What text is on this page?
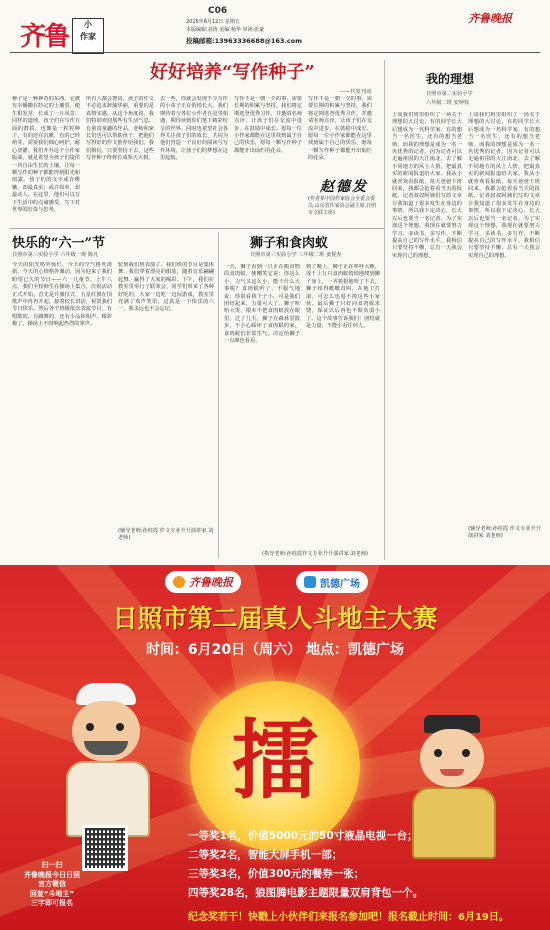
齐鲁	小
作家
C06
2015年6月12日 星期五
本版编辑:刘涛 美编:杨华 审读:张豪
投稿邮箱:13963336688@163.com
齐鲁晚报
好好培养“写作种子”
——代发刊词
种子是一种神奇的东西。它被有幸播撒在特定的土壤里，便生根发芽，长成了一片风景。同样的道理，孩子们在写作方面的潜质，也像是一粒粒种子，有的还在沉睡，有的已经萌芽，需要我们细心呵护，耐心浇灌。我们开办这个小作家版面，就是希望为孩子们提供一块自由生长的土壤，让每一颗写作的种子都能得到阳光和雨露。孩子们的文字或许稚嫩，却最真实；或许简单，却最动人。在这里，他们可以写下生活中的点滴感受，写下对世界的好奇与思考。
所有人都会赞同，孩子的作文不必追求辞藻华丽，重要的是真情实感。从这个角度说，我们特别欢迎那些有生活气息、有童真童趣的作品。老师和家长们也可以帮助孩子，把他们写得好的作文推荐给我们。我们相信，只要坚持下去，这些写作种子终将长成参天大树。
去一些，你就会发现不少写作的小苗子正在悄悄长大。我们期待着与各位小作者在这里相遇，期待读到你们笔下精彩纷呈的世界。同时也希望社会各界关注孩子们的成长，共同为他们营造一个良好的阅读与写作环境，让孩子们的梦想在这里起航。
写作不是一朝一夕的事，需要长期的积累与坚持。我们将定期选登优秀习作，并邀请名师点评，让孩子们在交流中进步，在鼓励中成长。愿每一位小作家都能在这里找到属于自己的快乐，愿每一颗写作种子都能开出灿烂的花朵。
写作不是一朝一夕的事，需要长期的积累与坚持。我们将定期选登优秀习作，并邀请名师点评，让孩子们在交流中进步，在鼓励中成长。愿每一位小作家都能在这里找到属于自己的快乐，愿每一颗写作种子都能开出灿烂的花朵。
赵德发
(作者系中国作家协会全委会委员,山东省作家协会副主席,日照市文联主席)
我的理想
日照市第二实验小学
六年级二班 安钟钦
上周我们班里组织了一场关于理想的大讨论。有的同学长大后想成为一名科学家，有的想当一名医生，还有的想当老师。而我的理想是成为一名一名优秀的记者。因为记者可以走遍祖国的大江南北，去了解不同地方的风土人情，把最真实的新闻报道给大家。我从小就喜欢看报纸，每天爸爸下班回来，我都会抢着看当天的报纸。记者叔叔阿姨们写的文章让我知道了很多发生在身边的事情。所以我下定决心，长大以后也要当一名记者。为了实现这个理想，我现在就要努力学习，多读书，多写作，不断提高自己的写作水平。我相信只要坚持不懈，总有一天我会实现自己的理想。
上周我们班里组织了一场关于理想的大讨论。有的同学长大后想成为一名科学家，有的想当一名医生，还有的想当老师。而我的理想是成为一名一名优秀的记者。因为记者可以走遍祖国的大江南北，去了解不同地方的风土人情，把最真实的新闻报道给大家。我从小就喜欢看报纸，每天爸爸下班回来，我都会抢着看当天的报纸。记者叔叔阿姨们写的文章让我知道了很多发生在身边的事情。所以我下定决心，长大以后也要当一名记者。为了实现这个理想，我现在就要努力学习，多读书，多写作，不断提高自己的写作水平。我相信只要坚持不懈，总有一天我会实现自己的理想。
(辅导老师:孙桂霞 作文专业升升演讲家 刘老师)
快乐的“六一”节
日照市第三实验小学 六年级一班 陈凡
今天的阳光格外灿烂，今天的空气格外清新，今天的心情格外激动，因为迎来了我们盼望已久的节日——六一儿童节。上午八点，我们全校师生在操场上集合，庆祝活动正式开始。首先是升旗仪式，五星红旗在国歌声中冉冉升起。接着校长讲话，祝贺我们节日快乐。然后各个班级依次表演节目，有唱歌的，有跳舞的，还有小品和相声，精彩极了，操场上不时响起热烈的掌声。
轮到我们班表演了，我们班的节目是集体舞。我们穿着漂亮的服装，随着音乐翩翩起舞，赢得了大家的喝彩。下午，我们在教室里举行了联欢会，同学们带来了各种好吃的，大家一边吃一边玩游戏，教室里充满了欢声笑语。这真是一个快乐的六一，我永远也不会忘记。
(辅导老师:孙桂霞 作文专业升升演讲家 刘老师)
狮子和食肉蚁
日照市第三实验小学 三年级二班 姜悦杰
一天，狮子看到一只正在搬食物的食肉蚁，便嘲笑它说：你这么小，力气又这么小，能干什么大事呢？食肉蚁听了，不服气地说：你别看我个子小，可是我们团结起来，力量可大了。狮子哈哈大笑，根本不把食肉蚁放在眼里。过了几天，狮子在森林里散步，不小心踩坏了食肉蚁的家。食肉蚁们非常生气，决定给狮子一点颜色看看。
到了晚上，狮子正在呼呼大睡，成千上万只食肉蚁悄悄地爬到狮子身上，一齐狠狠地咬了下去。狮子疼得嗷嗷直叫，在地上打滚，可怎么也甩不掉这些小家伙。最后狮子只好向食肉蚁求饶，保证以后再也不欺负弱小了。这个故事告诉我们：团结就是力量，不能小看任何人。
(指导老师:孙桂霞作文专业升升演讲家 刘老师)
齐鲁晚报	凯德广场
日照市第二届真人斗地主大赛
时间：6月20日（周六） 地点：凯德广场
擂
扫一扫
齐鲁晚报今日日照
官方微信
回复“斗地主”
三字即可报名
一等奖1名，价值5000元的50寸液晶电视一台；
二等奖2名，智能大屏手机一部；
三等奖3名，价值300元的餐券一张；
四等奖28名，狼图腾电影主题限量双肩背包一个。
纪念奖若干！快戳上小伙伴们来报名参加吧！报名截止时间：6月19日。
